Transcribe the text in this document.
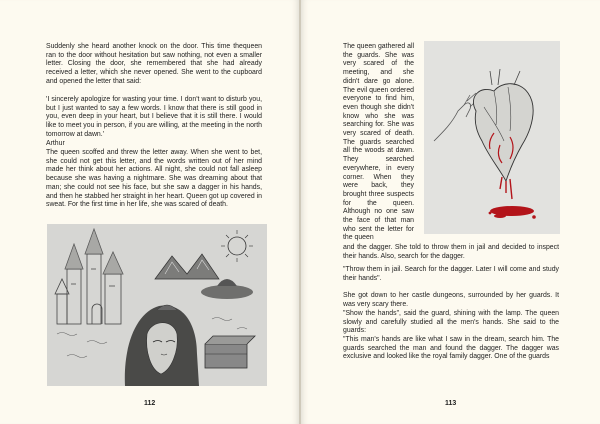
Suddenly she heard another knock on the door. This time thequeen ran to the door without hesitation but saw nothing, not even a smaller letter. Closing the door, she remembered that she had already received a letter, which she never opened. She went to the cupboard and opened the letter that said:

'I sincerely apologize for wasting your time. I don't want to disturb you, but I just wanted to say a few words. I know that there is still good in you, even deep in your heart, but I believe that it is still there. I would like to meet you in person, if you are willing, at the meeting in the north tomorrow at dawn.'

Arthur

The queen scoffed and threw the letter away. When she went to bet, she could not get this letter, and the words written out of her mind made her think about her actions. All night, she could not fall asleep because she was having a nightmare. She was dreaming about that man; she could not see his face, but she saw a dagger in his hands, and then he stabbed her straight in her heart. Queen got up covered in sweat. For the first time in her life, she was scared of death.

112

The queen gathered all the guards. She was very scared of the meeting, and she didn't dare go alone. The evil queen ordered everyone to find him, even though she didn't know who she was searching for. She was very scared of death. The guards searched all the woods at dawn. They searched everywhere, in every corner. When they were back, they brought three suspects for the queen. Although no one saw the face of that man who sent the letter for the queen

and the dagger. She told to throw them in jail and decided to inspect their hands. Also, search for the dagger.

"Throw them in jail. Search for the dagger. Later I will come and study their hands".

She got down to her castle dungeons, surrounded by her guards. It was very scary there.

"Show the hands", said the guard, shining with the lamp. The queen slowly and carefully studied all the men's hands. She said to the guards:

"This man's hands are like what I saw in the dream, search him. The guards searched the man and found the dagger. The dagger was exclusive and looked like the royal family dagger. One of the guards

113
